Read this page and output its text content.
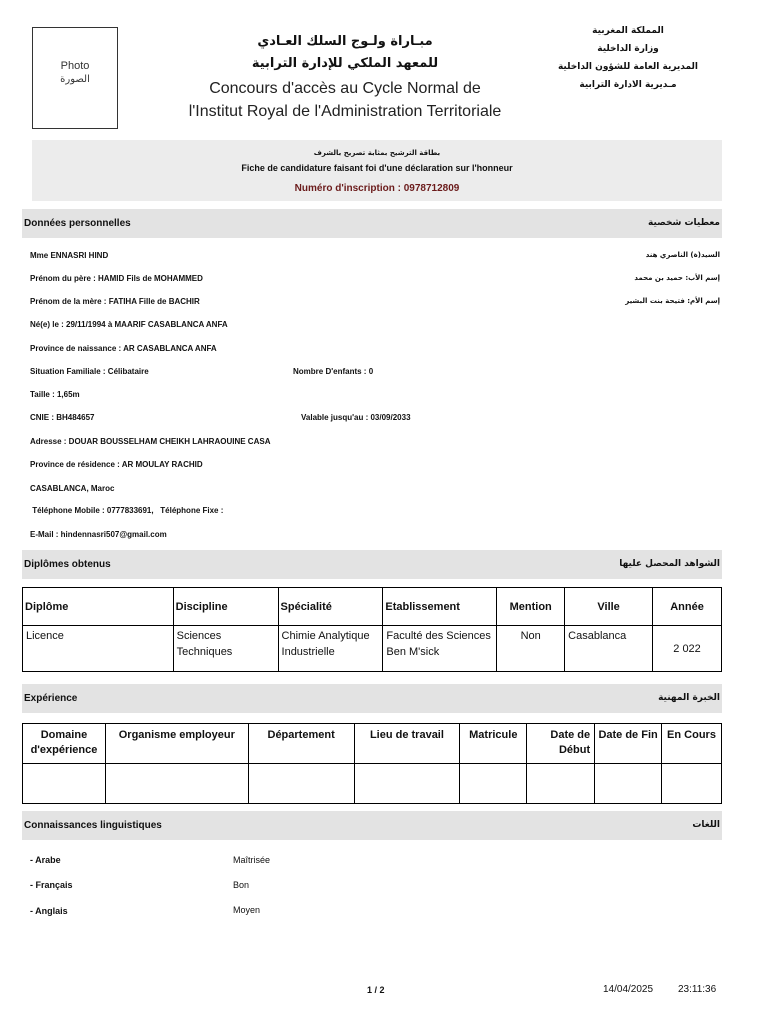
Photo
الصورة
مبـاراة ولـوج السلك العـادي
للمعهد الملكي للإدارة الترابية
Concours d'accès au Cycle Normal de
l'Institut Royal de l'Administration Territoriale
المملكة المغربية
وزارة الداخلية
المديرية العامة للشؤون الداخلية
مـديرية الادارة الترابية
بطاقة الترشيح بمثابة تصريح بالشرف
Fiche de candidature faisant foi d'une déclaration sur l'honneur
Numéro d'inscription : 0978712809
Données personnelles	معطيات شخصية
Mme ENNASRI HIND	السيد(ة) الناصري هند
Prénom du père : HAMID Fils de MOHAMMED	إسم الأب: حميد بن محمد
Prénom de la mère : FATIHA Fille de BACHIR	إسم الأم: فتيحة بنت البشير
Né(e) le : 29/11/1994 à MAARIF CASABLANCA ANFA
Province de naissance : AR CASABLANCA ANFA
Situation Familiale : Célibataire	Nombre D'enfants : 0
Taille : 1,65m
CNIE : BH484657	Valable jusqu'au : 03/09/2033
Adresse : DOUAR BOUSSELHAM CHEIKH LAHRAOUINE CASA
Province de résidence : AR MOULAY RACHID
CASABLANCA, Maroc
Téléphone Mobile : 0777833691,   Téléphone Fixe :
E-Mail : hindennasri507@gmail.com
Diplômes obtenus	الشواهد المحصل عليها
Diplôme	Discipline	Spécialité	Etablissement	Mention	Ville	Année
Licence	Sciences Techniques	Chimie Analytique Industrielle	Faculté des Sciences Ben M'sick	Non	Casablanca	2 022
Expérience	الخبرة المهنية
Domaine d'expérience	Organisme employeur	Département	Lieu de travail	Matricule	Date de Début	Date de Fin	En Cours

Connaissances linguistiques	اللغات
- Arabe	Maîtrisée
- Français	Bon
- Anglais	Moyen
1 / 2	14/04/2025 23:11:36
